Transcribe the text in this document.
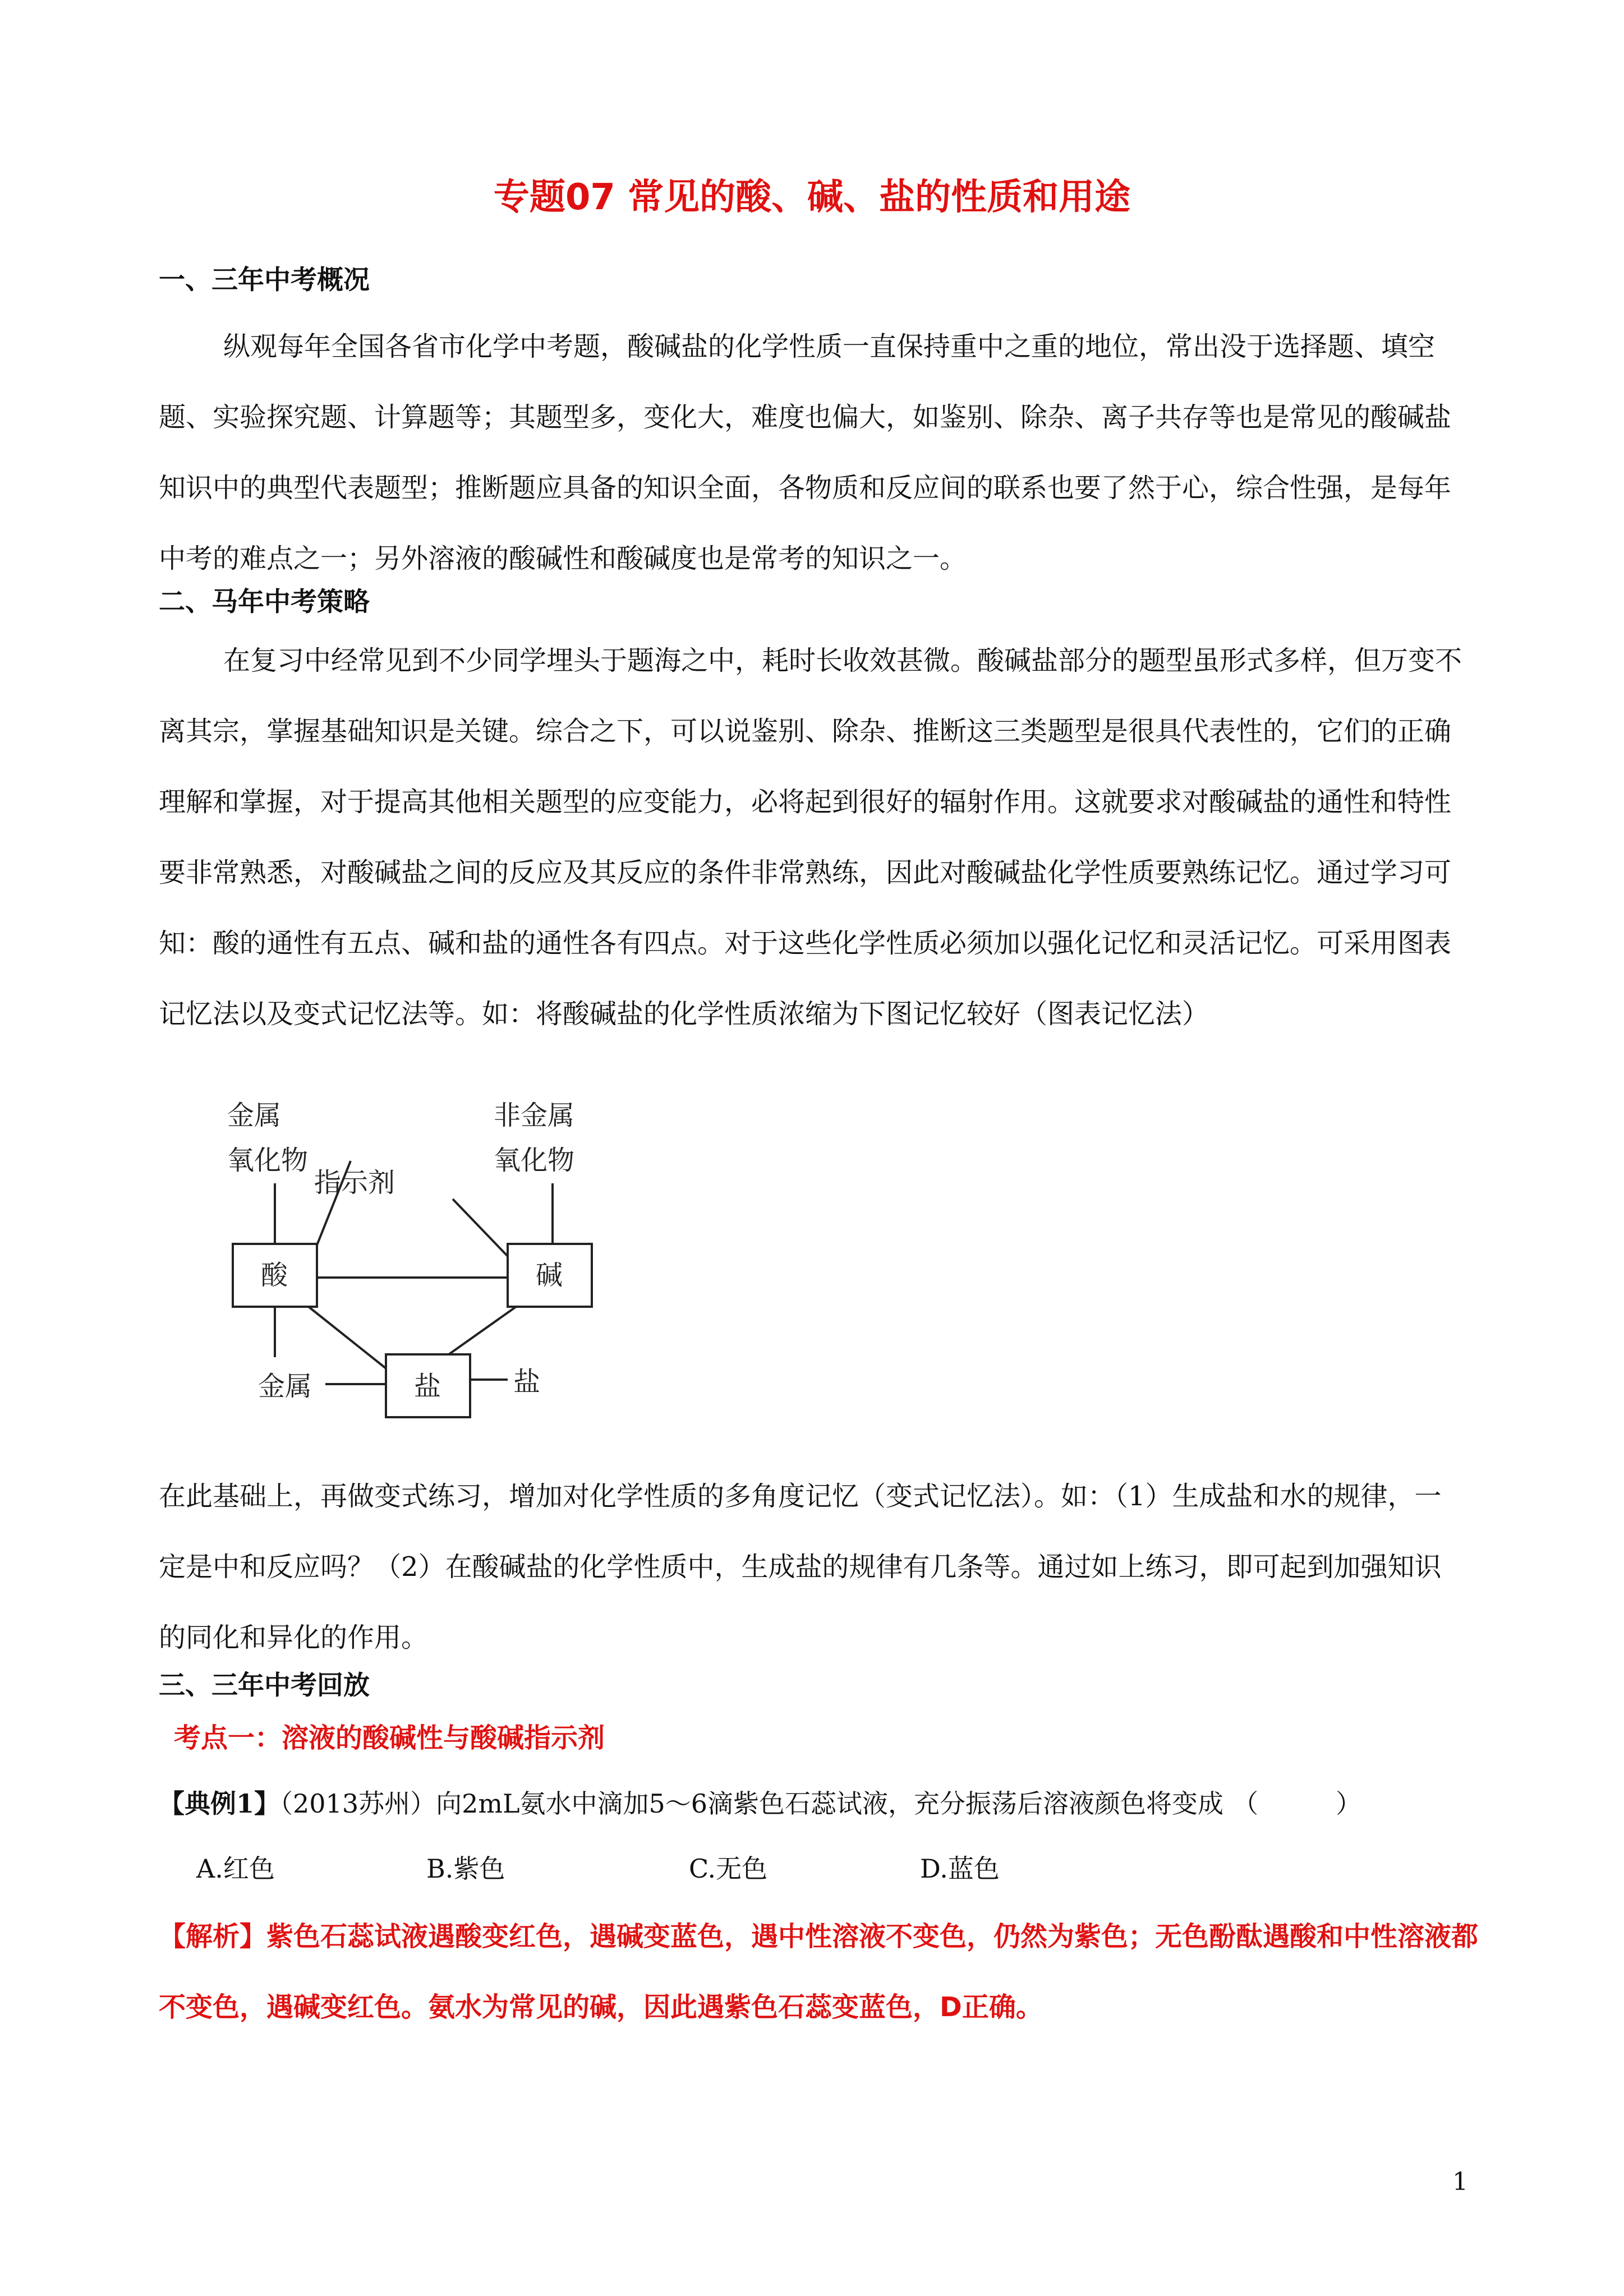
专题07 常见的酸、碱、盐的性质和用途
一、三年中考概况
纵观每年全国各省市化学中考题，酸碱盐的化学性质一直保持重中之重的地位，常出没于选择题、填空题、实验探究题、计算题等；其题型多，变化大，难度也偏大，如鉴别、除杂、离子共存等也是常见的酸碱盐知识中的典型代表题型；推断题应具备的知识全面，各物质和反应间的联系也要了然于心，综合性强，是每年中考的难点之一；另外溶液的酸碱性和酸碱度也是常考的知识之一。
二、马年中考策略
在复习中经常见到不少同学埋头于题海之中，耗时长收效甚微。酸碱盐部分的题型虽形式多样，但万变不离其宗，掌握基础知识是关键。综合之下，可以说鉴别、除杂、推断这三类题型是很具代表性的，它们的正确理解和掌握，对于提高其他相关题型的应变能力，必将起到很好的辐射作用。这就要求对酸碱盐的通性和特性要非常熟悉，对酸碱盐之间的反应及其反应的条件非常熟练，因此对酸碱盐化学性质要熟练记忆。通过学习可知：酸的通性有五点、碱和盐的通性各有四点。对于这些化学性质必须加以强化记忆和灵活记忆。可采用图表记忆法以及变式记忆法等。如：将酸碱盐的化学性质浓缩为下图记忆较好（图表记忆法）
金属
氧化物
非金属
氧化物
指示剂
酸	碱
盐
金属	盐
在此基础上，再做变式练习，增加对化学性质的多角度记忆（变式记忆法）。如：（1）生成盐和水的规律，一定是中和反应吗？（2）在酸碱盐的化学性质中，生成盐的规律有几条等。通过如上练习，即可起到加强知识的同化和异化的作用。
三、三年中考回放
考点一：溶液的酸碱性与酸碱指示剂
【典例1】（2013苏州）向2mL氨水中滴加5～6滴紫色石蕊试液，充分振荡后溶液颜色将变成 （　　　）
A.红色	B.紫色	C.无色	D.蓝色
【解析】紫色石蕊试液遇酸变红色，遇碱变蓝色，遇中性溶液不变色，仍然为紫色；无色酚酞遇酸和中性溶液都不变色，遇碱变红色。氨水为常见的碱，因此遇紫色石蕊变蓝色，D正确。
1
